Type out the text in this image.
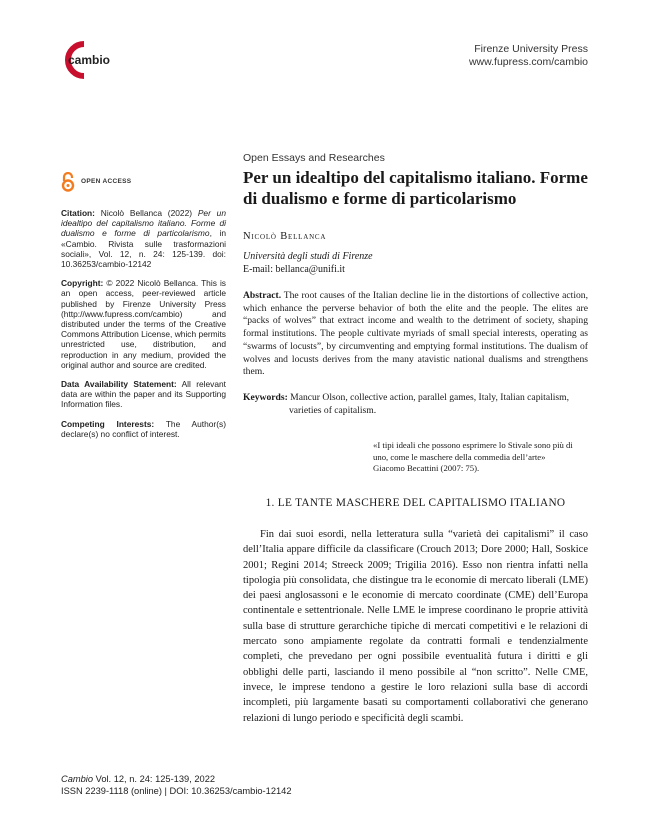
cambio
Firenze University Press
www.fupress.com/cambio
OPEN ACCESS
Citation: Nicolò Bellanca (2022) Per un idealtipo del capitalismo italiano. Forme di dualismo e forme di particolarismo, in «Cambio. Rivista sulle trasformazioni sociali», Vol. 12, n. 24: 125-139. doi: 10.36253/cambio-12142
Copyright: © 2022 Nicolò Bellanca. This is an open access, peer-reviewed article published by Firenze University Press (http://www.fupress.com/cambio) and distributed under the terms of the Creative Commons Attribution License, which permits unrestricted use, distribution, and reproduction in any medium, provided the original author and source are credited.
Data Availability Statement: All relevant data are within the paper and its Supporting Information files.
Competing Interests: The Author(s) declare(s) no conflict of interest.
Open Essays and Researches
Per un idealtipo del capitalismo italiano. Forme di dualismo e forme di particolarismo
Nicolò Bellanca
Università degli studi di Firenze
E-mail: bellanca@unifi.it
Abstract. The root causes of the Italian decline lie in the distortions of collective action, which enhance the perverse behavior of both the elite and the people. The elites are “packs of wolves” that extract income and wealth to the detriment of society, shaping formal institutions. The people cultivate myriads of small special interests, operating as “swarms of locusts”, by circumventing and emptying formal institutions. The dualism of wolves and locusts derives from the many atavistic national dualisms and strengthens them.
Keywords: Mancur Olson, collective action, parallel games, Italy, Italian capitalism, varieties of capitalism.
«I tipi ideali che possono esprimere lo Stivale sono più di uno, come le maschere della commedia dell’arte»
Giacomo Becattini (2007: 75).
1. LE TANTE MASCHERE DEL CAPITALISMO ITALIANO

Fin dai suoi esordi, nella letteratura sulla “varietà dei capitalismi” il caso dell’Italia appare difficile da classificare (Crouch 2013; Dore 2000; Hall, Soskice 2001; Regini 2014; Streeck 2009; Trigilia 2016). Esso non rientra infatti nella tipologia più consolidata, che distingue tra le economie di mercato liberali (LME) dei paesi anglosassoni e le economie di mercato coordinate (CME) dell’Europa continentale e settentrionale. Nelle LME le imprese coordinano le proprie attività sulla base di strutture gerarchiche tipiche di mercati competitivi e le relazioni di mercato sono ampiamente regolate da contratti formali e tendenzialmente completi, che prevedano per ogni possibile eventualità futura i diritti e gli obblighi delle parti, lasciando il meno possibile al “non scritto”. Nelle CME, invece, le imprese tendono a gestire le loro relazioni sulla base di accordi incompleti, più largamente basati su comportamenti collaborativi che generano relazioni di lungo periodo e specificità degli scambi.

Cambio Vol. 12, n. 24: 125-139, 2022
ISSN 2239-1118 (online) | DOI: 10.36253/cambio-12142
